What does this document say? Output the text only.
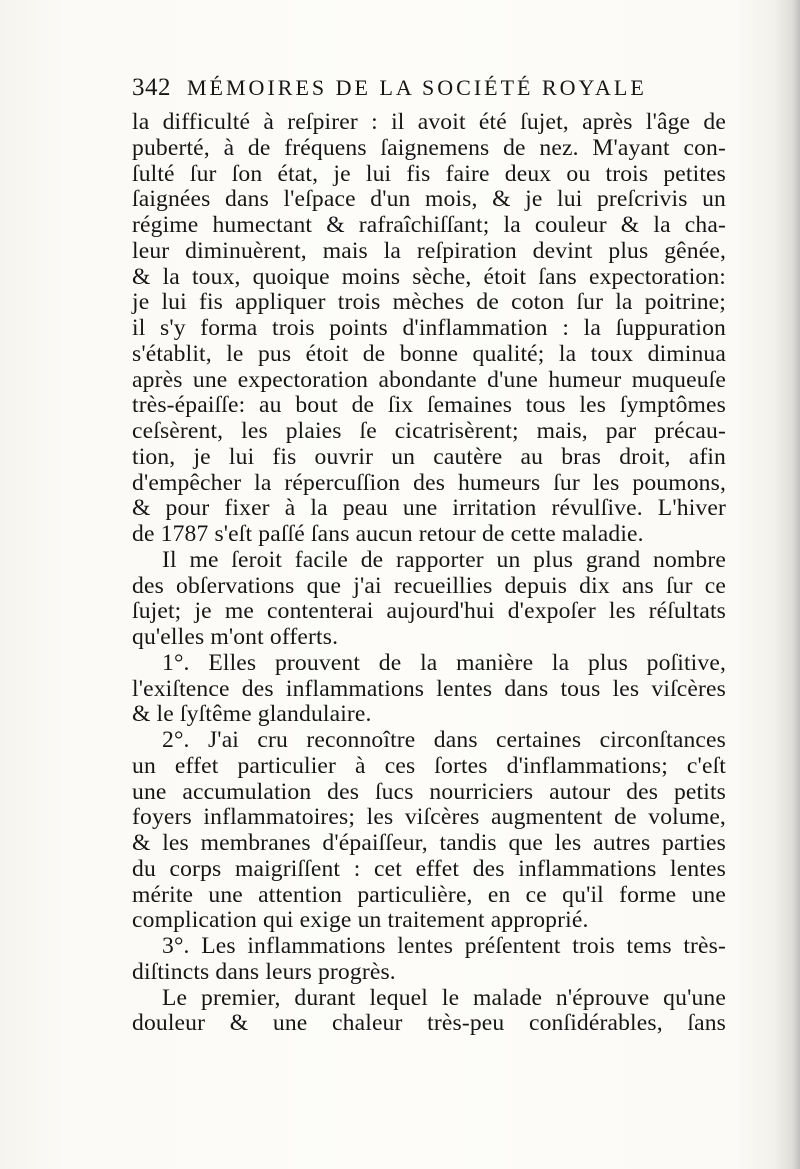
342 MÉMOIRES DE LA SOCIÉTÉ ROYALE
la difficulté à reſpirer : il avoit été ſujet, après l'âge de
puberté, à de fréquens ſaignemens de nez. M'ayant con-
ſulté ſur ſon état, je lui fis faire deux ou trois petites
ſaignées dans l'eſpace d'un mois, & je lui preſcrivis un
régime humectant & rafraîchiſſant; la couleur & la cha-
leur diminuèrent, mais la reſpiration devint plus gênée,
& la toux, quoique moins sèche, étoit ſans expectoration:
je lui fis appliquer trois mèches de coton ſur la poitrine;
il s'y forma trois points d'inflammation : la ſuppuration
s'établit, le pus étoit de bonne qualité; la toux diminua
après une expectoration abondante d'une humeur muqueuſe
très-épaiſſe: au bout de ſix ſemaines tous les ſymptômes
ceſsèrent, les plaies ſe cicatrisèrent; mais, par précau-
tion, je lui fis ouvrir un cautère au bras droit, afin
d'empêcher la répercuſſion des humeurs ſur les poumons,
& pour fixer à la peau une irritation révulſive. L'hiver
de 1787 s'eſt paſſé ſans aucun retour de cette maladie.
Il me ſeroit facile de rapporter un plus grand nombre
des obſervations que j'ai recueillies depuis dix ans ſur ce
ſujet; je me contenterai aujourd'hui d'expoſer les réſultats
qu'elles m'ont offerts.
1°. Elles prouvent de la manière la plus poſitive,
l'exiſtence des inflammations lentes dans tous les viſcères
& le ſyſtême glandulaire.
2°. J'ai cru reconnoître dans certaines circonſtances
un effet particulier à ces ſortes d'inflammations; c'eſt
une accumulation des ſucs nourriciers autour des petits
foyers inflammatoires; les viſcères augmentent de volume,
& les membranes d'épaiſſeur, tandis que les autres parties
du corps maigriſſent : cet effet des inflammations lentes
mérite une attention particulière, en ce qu'il forme une
complication qui exige un traitement approprié.
3°. Les inflammations lentes préſentent trois tems très-
diſtincts dans leurs progrès.
Le premier, durant lequel le malade n'éprouve qu'une
douleur & une chaleur très-peu conſidérables, ſans
